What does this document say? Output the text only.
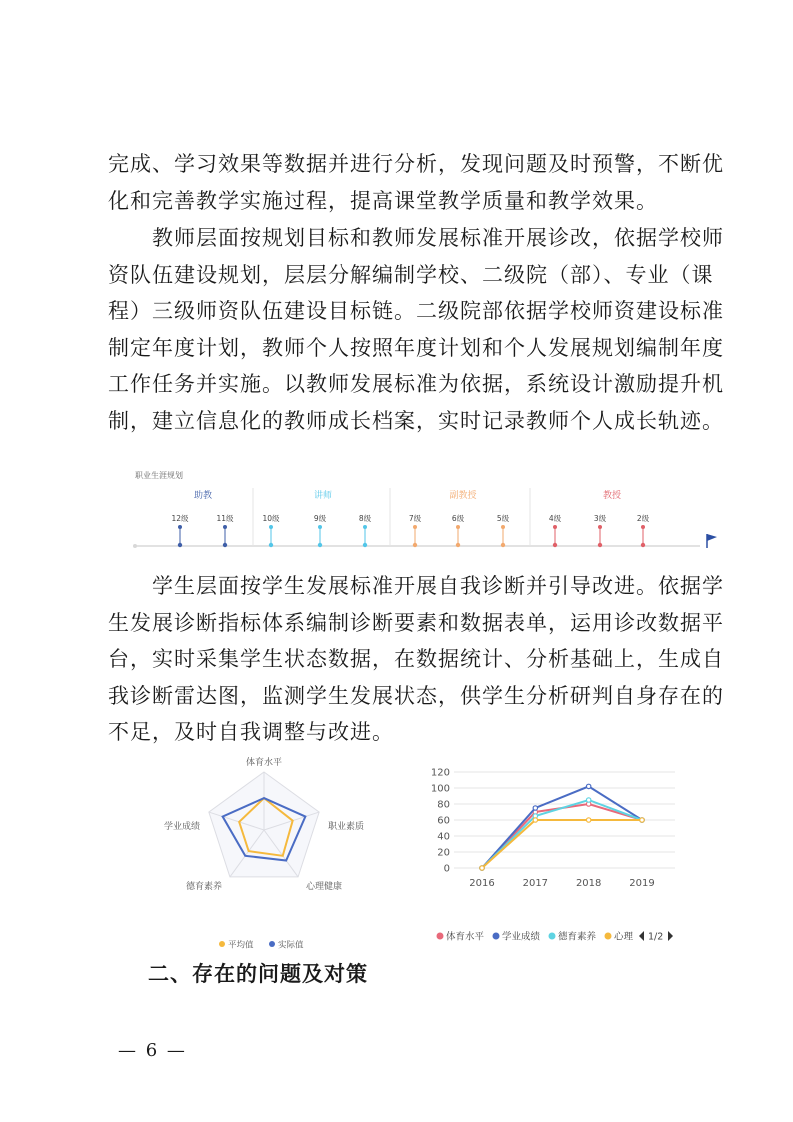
完成、学习效果等数据并进行分析，发现问题及时预警，不断优
化和完善教学实施过程，提高课堂教学质量和教学效果。
　　教师层面按规划目标和教师发展标准开展诊改，依据学校师
资队伍建设规划，层层分解编制学校、二级院（部）、专业（课
程）三级师资队伍建设目标链。二级院部依据学校师资建设标准
制定年度计划，教师个人按照年度计划和个人发展规划编制年度
工作任务并实施。以教师发展标准为依据，系统设计激励提升机
制，建立信息化的教师成长档案，实时记录教师个人成长轨迹。
职业生涯规划
助教
12级	11级
讲师
10级	9级	8级
副教授
7级	6级	5级
教授
4级	3级	2级
　　学生层面按学生发展标准开展自我诊断并引导改进。依据学
生发展诊断指标体系编制诊断要素和数据表单，运用诊改数据平
台，实时采集学生状态数据，在数据统计、分析基础上，生成自
我诊断雷达图，监测学生发展状态，供学生分析研判自身存在的
不足，及时自我调整与改进。
体育水平
职业素质
心理健康
德育素养
学业成绩
平均值	实际值
0
20
40
60
80
100
120
2016	2017	2018	2019
体育水平 学业成绩 德育素养 心理 1/2
二、存在的问题及对策
— 6 —
